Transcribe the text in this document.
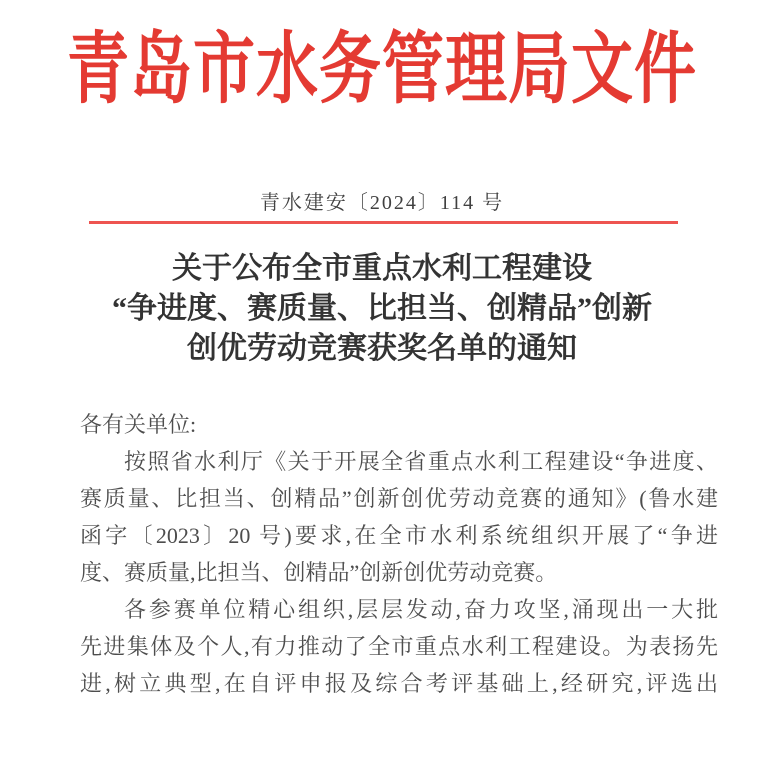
青岛市水务管理局文件
青水建安〔2024〕114 号
关于公布全市重点水利工程建设
“争进度、赛质量、比担当、创精品”创新
创优劳动竞赛获奖名单的通知
各有关单位:
按照省水利厅《关于开展全省重点水利工程建设“争进度、
赛质量、比担当、创精品”创新创优劳动竞赛的通知》(鲁水建
函字〔2023〕20 号)要求,在全市水利系统组织开展了“争进
度、赛质量,比担当、创精品”创新创优劳动竞赛。
各参赛单位精心组织,层层发动,奋力攻坚,涌现出一大批
先进集体及个人,有力推动了全市重点水利工程建设。为表扬先
进,树立典型,在自评申报及综合考评基础上,经研究,评选出
